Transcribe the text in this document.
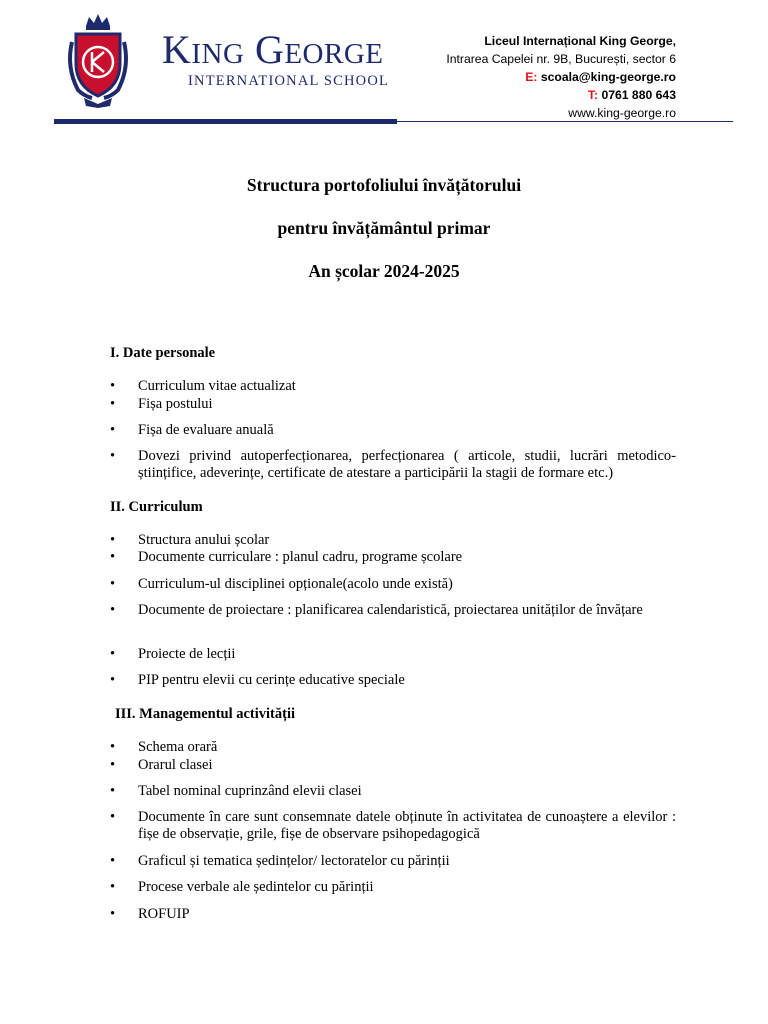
KING GEORGE
INTERNATIONAL SCHOOL
Liceul Internațional King George,
Intrarea Capelei nr. 9B, București, sector 6
E: scoala@king-george.ro
T: 0761 880 643
www.king-george.ro
Structura portofoliului învățătorului
pentru învățământul primar
An școlar 2024-2025
I. Date personale
• Curriculum vitae actualizat
• Fișa postului
• Fișa de evaluare anuală
• Dovezi privind autoperfecționarea, perfecționarea ( articole, studii, lucrări metodico-științifice, adeverințe, certificate de atestare a participării la stagii de formare etc.)
II. Curriculum
• Structura anului școlar
• Documente curriculare : planul cadru, programe școlare
• Curriculum-ul disciplinei opționale(acolo unde există)
• Documente de proiectare : planificarea calendaristică, proiectarea unităților de învățare
• Proiecte de lecții
• PIP pentru elevii cu cerințe educative speciale
III. Managementul activității
• Schema orară
• Orarul clasei
• Tabel nominal cuprinzând elevii clasei
• Documente în care sunt consemnate datele obținute în activitatea de cunoaștere a elevilor : fișe de observație, grile, fișe de observare psihopedagogică
• Graficul și tematica ședințelor/ lectoratelor cu părinții
• Procese verbale ale ședintelor cu părinții
• ROFUIP
